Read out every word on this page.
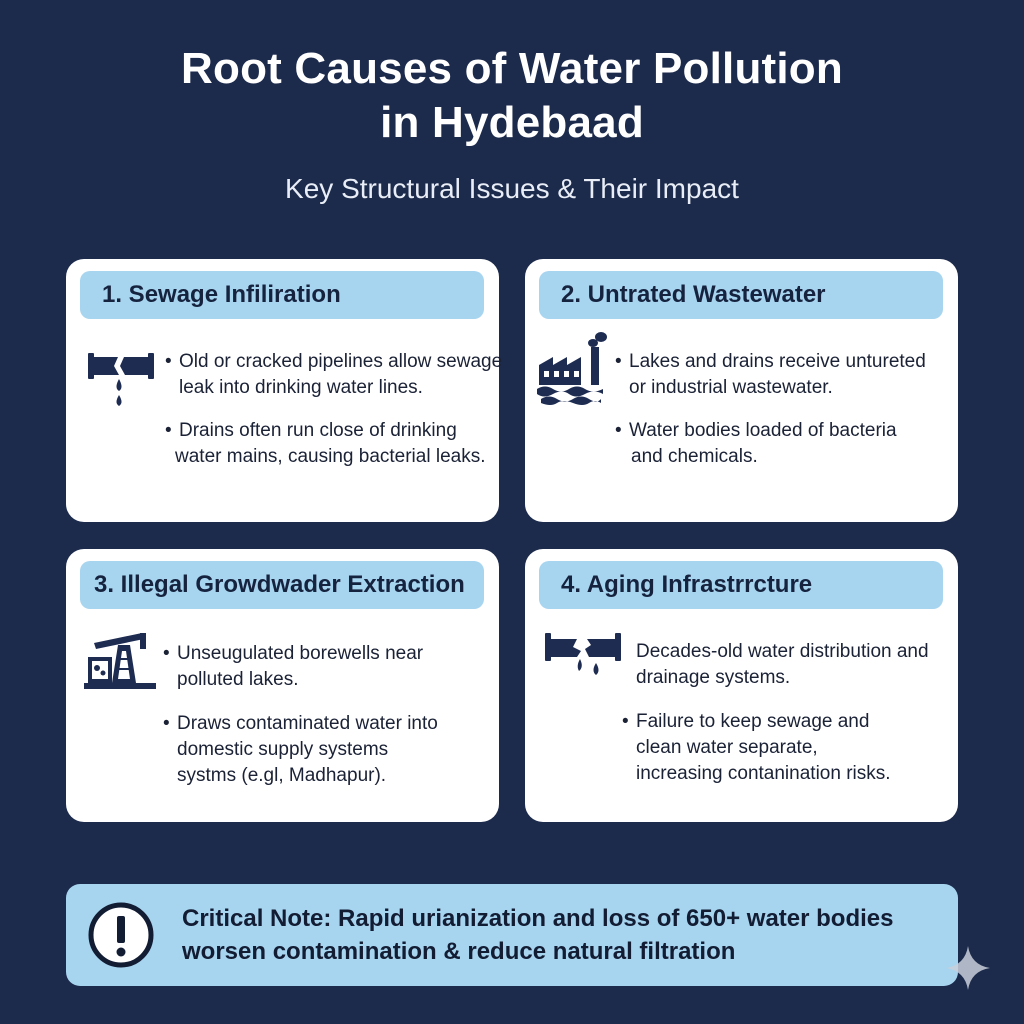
Root Causes of Water Pollution
in Hydebaad
Key Structural Issues & Their Impact
1. Sewage Infiliration
• Old or cracked pipelines allow sewage
leak into drinking water lines.
• Drains often run close of drinking
water mains, causing bacterial leaks.
2. Untrated Wastewater
• Lakes and drains receive untureted
or industrial wastewater.
• Water bodies loaded of bacteria
and chemicals.
3. Illegal Growdwader Extraction
• Unseugulated borewells near
polluted lakes.
• Draws contaminated water into
domestic supply systems
systms (e.gl, Madhapur).
4. Aging Infrastrrcture
Decades-old water distribution and
drainage systems.
• Failure to keep sewage and
clean water separate,
increasing contanination risks.
Critical Note: Rapid urianization and loss of 650+ water bodies
worsen contamination & reduce natural filtration
